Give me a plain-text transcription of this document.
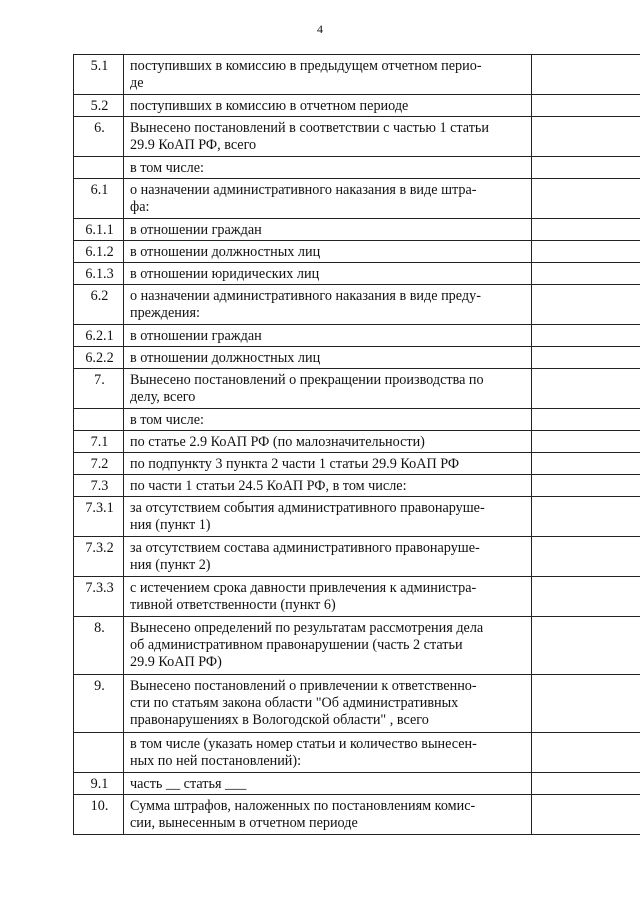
4
5.1	поступивших в комиссию в предыдущем отчетном перио-
де	
5.2	поступивших в комиссию в отчетном периоде	
6.	Вынесено постановлений в соответствии с частью 1 статьи
29.9 КоАП РФ, всего	
	в том числе:	
6.1	о назначении административного наказания в виде штра-
фа:	
6.1.1	в отношении граждан	
6.1.2	в отношении должностных лиц	
6.1.3	в отношении юридических лиц	
6.2	о назначении административного наказания в виде преду-
преждения:	
6.2.1	в отношении граждан	
6.2.2	в отношении должностных лиц	
7.	Вынесено постановлений о прекращении производства по
делу, всего	
	в том числе:	
7.1	по статье 2.9 КоАП РФ (по малозначительности)	
7.2	по подпункту 3 пункта 2 части 1 статьи 29.9 КоАП РФ	
7.3	по части 1 статьи 24.5 КоАП РФ, в том числе:	
7.3.1	за отсутствием события административного правонаруше-
ния (пункт 1)	
7.3.2	за отсутствием состава административного правонаруше-
ния (пункт 2)	
7.3.3	с истечением срока давности привлечения к администра-
тивной ответственности (пункт 6)	
8.	Вынесено определений по результатам рассмотрения дела
об административном правонарушении (часть 2 статьи
29.9 КоАП РФ)	
9.	Вынесено постановлений о привлечении к ответственно-
сти по статьям закона области "Об административных
правонарушениях в Вологодской области" , всего	
	в том числе (указать номер статьи и количество вынесен-
ных по ней постановлений):	
9.1	часть __ статья ___	
10.	Сумма штрафов, наложенных по постановлениям комис-
сии, вынесенным в отчетном периоде	
